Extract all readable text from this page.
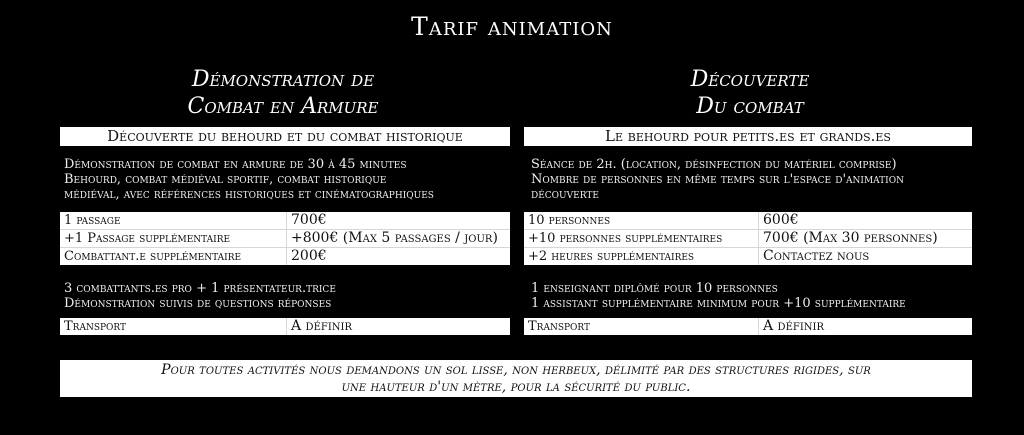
Tarif animation
Démonstration de
Combat en Armure
Découverte
Du combat
Découverte du behourd et du combat historique	Le behourd pour petits.es et grands.es
Démonstration de combat en armure de 30 à 45 minutes
Behourd, combat médiéval sportif, combat historique
médiéval, avec références historiques et cinématographiques
Séance de 2h. (location, désinfection du matériel comprise)
Nombre de personnes en même temps sur l'espace d'animation
découverte
1 passage	700€
+1 Passage supplémentaire	+800€ (Max 5 passages / jour)
Combattant.e supplémentaire	200€
10 personnes	600€
+10 personnes supplémentaires	700€ (Max 30 personnes)
+2 heures supplémentaires	Contactez nous
3 combattants.es pro + 1 présentateur.trice
Démonstration suivis de questions réponses
1 enseignant diplômé pour 10 personnes
1 assistant supplémentaire minimum pour +10 supplémentaire
Transport	A définir	Transport	A définir
Pour toutes activités nous demandons un sol lisse, non herbeux, délimité par des structures rigides, sur
une hauteur d'un mètre, pour la sécurité du public.
